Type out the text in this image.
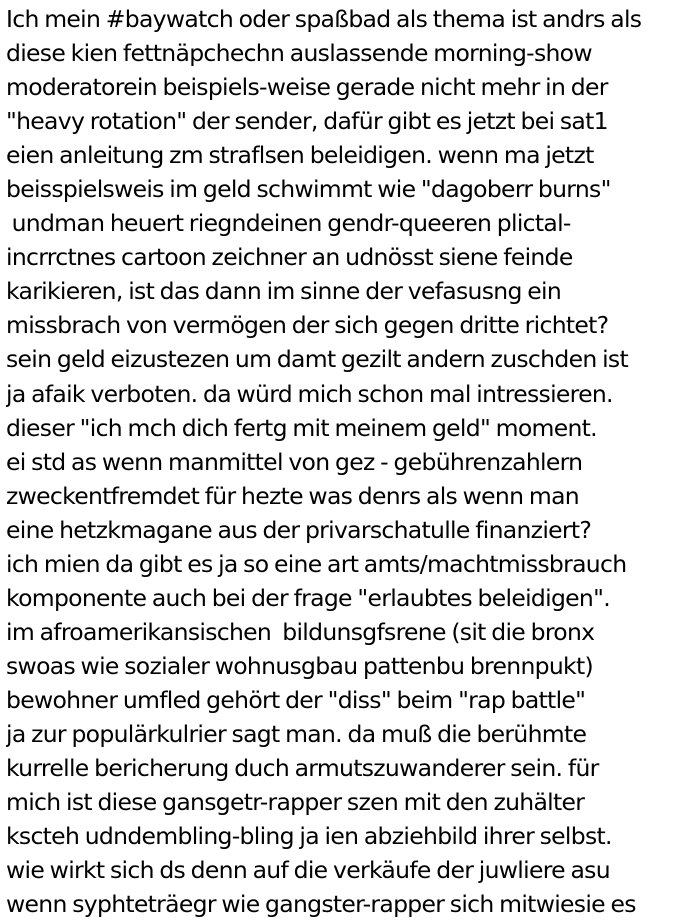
Ich mein #baywatch oder spaßbad als thema ist andrs als
diese kien fettnäpchechn auslassende morning-show
moderatorein beispiels-weise gerade nicht mehr in der
"heavy rotation" der sender, dafür gibt es jetzt bei sat1
eien anleitung zm straflsen beleidigen. wenn ma jetzt
beisspielsweis im geld schwimmt wie "dagoberr burns"
undman heuert riegndeinen gendr-queeren plictal-
incrrctnes cartoon zeichner an udnösst siene feinde
karikieren, ist das dann im sinne der vefasusng ein
missbrach von vermögen der sich gegen dritte richtet?
sein geld eizustezen um damt gezilt andern zuschden ist
ja afaik verboten. da würd mich schon mal intressieren.
dieser "ich mch dich fertg mit meinem geld" moment.
ei std as wenn manmittel von gez - gebührenzahlern
zweckentfremdet für hezte was denrs als wenn man
eine hetzkmagane aus der privarschatulle finanziert?
ich mien da gibt es ja so eine art amts/machtmissbrauch
komponente auch bei der frage "erlaubtes beleidigen".
im afroamerikansischen  bildunsgfsrene (sit die bronx
swoas wie sozialer wohnusgbau pattenbu brennpukt)
bewohner umfled gehört der "diss" beim "rap battle"
ja zur populärkulrier sagt man. da muß die berühmte
kurrelle bericherung duch armutszuwanderer sein. für
mich ist diese gansgetr-rapper szen mit den zuhälter
kscteh udndembling-bling ja ien abziehbild ihrer selbst.
wie wirkt sich ds denn auf die verkäufe der juwliere asu
wenn syphteträegr wie gangster-rapper sich mitwiesie es
